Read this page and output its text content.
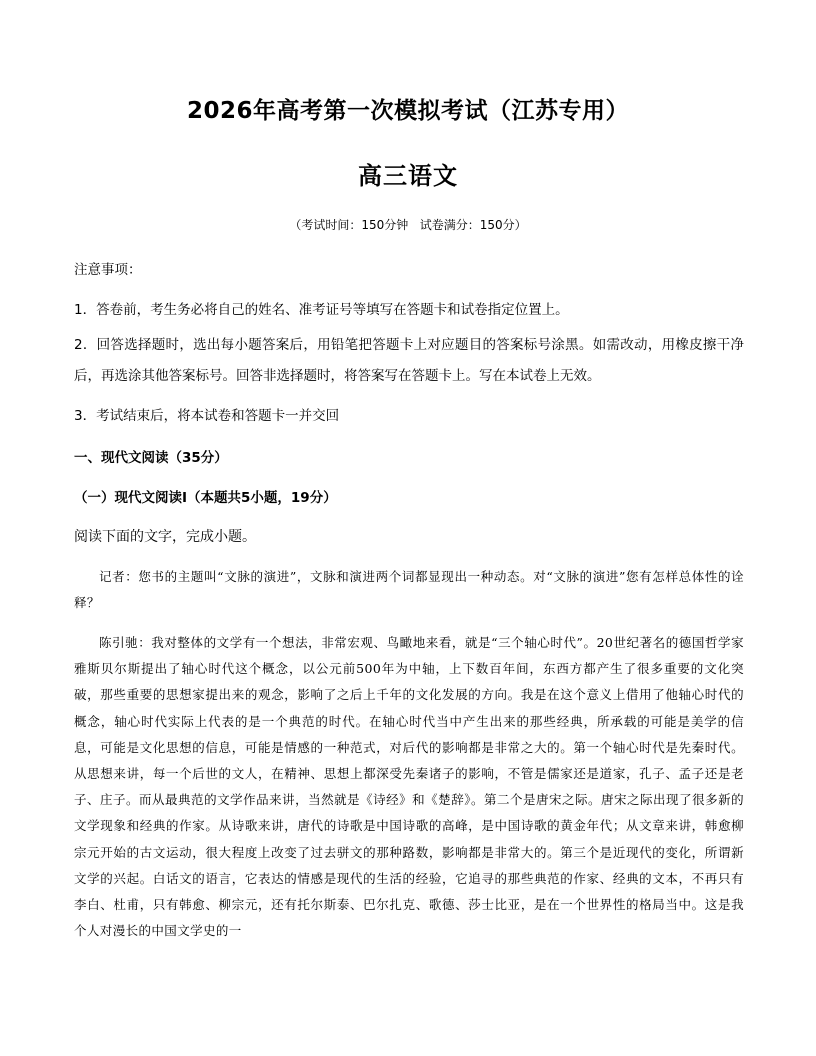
2026年高考第一次模拟考试（江苏专用）
高三语文
（考试时间：150分钟   试卷满分：150分）
注意事项：
1．答卷前，考生务必将自己的姓名、准考证号等填写在答题卡和试卷指定位置上。
2．回答选择题时，选出每小题答案后，用铅笔把答题卡上对应题目的答案标号涂黑。如需改动，用橡皮擦干净后，再选涂其他答案标号。回答非选择题时，将答案写在答题卡上。写在本试卷上无效。
3．考试结束后，将本试卷和答题卡一并交回
一、现代文阅读（35分）
（一）现代文阅读Ⅰ（本题共5小题，19分）
阅读下面的文字，完成小题。
记者：您书的主题叫“文脉的演进”，文脉和演进两个词都显现出一种动态。对“文脉的演进”您有怎样总体性的诠释？
陈引驰：我对整体的文学有一个想法，非常宏观、鸟瞰地来看，就是“三个轴心时代”。20世纪著名的德国哲学家雅斯贝尔斯提出了轴心时代这个概念，以公元前500年为中轴，上下数百年间，东西方都产生了很多重要的文化突破，那些重要的思想家提出来的观念，影响了之后上千年的文化发展的方向。我是在这个意义上借用了他轴心时代的概念，轴心时代实际上代表的是一个典范的时代。在轴心时代当中产生出来的那些经典，所承载的可能是美学的信息，可能是文化思想的信息，可能是情感的一种范式，对后代的影响都是非常之大的。第一个轴心时代是先秦时代。从思想来讲，每一个后世的文人，在精神、思想上都深受先秦诸子的影响，不管是儒家还是道家，孔子、孟子还是老子、庄子。而从最典范的文学作品来讲，当然就是《诗经》和《楚辞》。第二个是唐宋之际。唐宋之际出现了很多新的文学现象和经典的作家。从诗歌来讲，唐代的诗歌是中国诗歌的高峰，是中国诗歌的黄金年代；从文章来讲，韩愈柳宗元开始的古文运动，很大程度上改变了过去骈文的那种路数，影响都是非常大的。第三个是近现代的变化，所谓新文学的兴起。白话文的语言，它表达的情感是现代的生活的经验，它追寻的那些典范的作家、经典的文本，不再只有李白、杜甫，只有韩愈、柳宗元，还有托尔斯泰、巴尔扎克、歌德、莎士比亚，是在一个世界性的格局当中。这是我个人对漫长的中国文学史的一
